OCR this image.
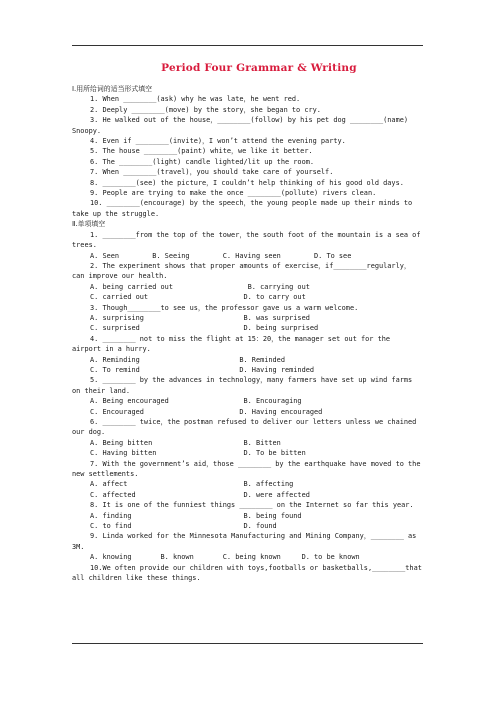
Period Four Grammar & Writing

Ⅰ.用所给词的适当形式填空

1. When ________(ask) why he was late，he went red.

2. Deeply ________(move) by the story，she began to cry.

3. He walked out of the house，________(follow) by his pet dog ________(name) Snoopy.

4. Even if ________(invite)，I won’t attend the evening party.

5. The house ________(paint) white，we like it better.

6. The ________(light) candle lighted/lit up the room.

7. When ________(travel)，you should take care of yourself.

8. ________(see) the picture，I couldn’t help thinking of his good old days.

9. People are trying to make the once ________(pollute) rivers clean.

10. ________(encourage) by the speech，the young people made up their minds to take up the struggle.

Ⅱ.单项填空

1. ________from the top of the tower，the south foot of the mountain is a sea of trees.

A. Seen        B. Seeing        C. Having seen        D. To see

2. The experiment shows that proper amounts of exercise，if________regularly，can improve our health.

A. being carried out                  B. carrying out

C. carried out                       D. to carry out

3. Though________to see us，the professor gave us a warm welcome.

A. surprising                        B. was surprised

C. surprised                         D. being surprised

4. ________ not to miss the flight at 15：20，the manager set out for the airport in a hurry.

A. Reminding                        B. Reminded

C. To remind                        D. Having reminded

5. ________ by the advances in technology，many farmers have set up wind farms on their land.

A. Being encouraged                  B. Encouraging

C. Encouraged                       D. Having encouraged

6. ________ twice，the postman refused to deliver our letters unless we chained our dog.

A. Being bitten                      B. Bitten

C. Having bitten                     D. To be bitten

7. With the government’s aid，those ________ by the earthquake have moved to the new settlements.

A. affect                            B. affecting

C. affected                          D. were affected

8. It is one of the funniest things ________ on the Internet so far this year.

A. finding                           B. being found

C. to find                           D. found

9. Linda worked for the Minnesota Manufacturing and Mining Company，________ as 3M.

A. knowing       B. known       C. being known     D. to be known

10.We often provide our children with toys,footballs or basketballs,________that all children like these things.
